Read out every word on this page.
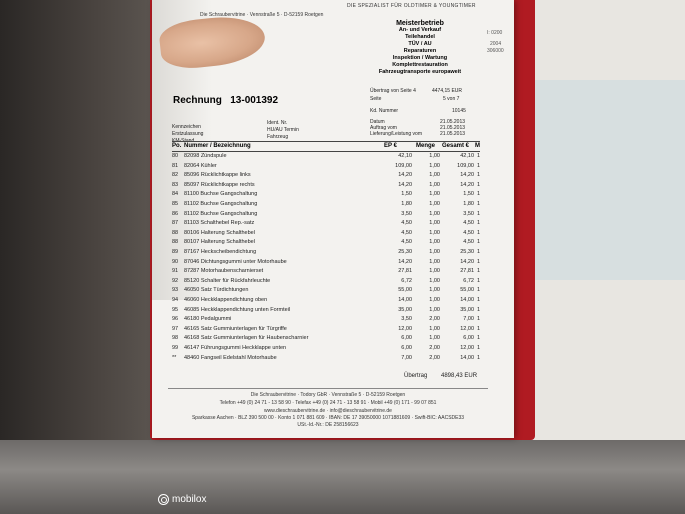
DIE SPEZIALIST FÜR OLDTIMER & YOUNGTIMER
Die Schraubervitrine · Vennstraße 5 · D-52159 Roetgen
Meisterbetrieb
An- und Verkauf
Teilehandel
TÜV / AU
Reparaturen
Inspektion / Wartung
Komplettrestauration
Fahrzeugtransporte europaweit
I: 0200
2004
306000
Rechnung 13-001392
Übertrag von Seite 4	4474,15 EUR
Seite	5 von 7
Kd. Nummer	10145
Datum	21.05.2013
Auftrag vom	21.05.2013
Lieferung/Leistung vom	21.05.2013
Kennzeichen
Erstzulassung
KM-Stand
Ident. Nr.
HU/AU Termin
Fahrzeug
Po. Nummer / Bezeichnung	EP €	Menge Gesamt € M
80 82098 Zündspule	42,10	1,00	42,10 1
81 82064 Kühler	109,00	1,00	109,00 1
82 85096 Rücklichtkappe links	14,20	1,00	14,20 1
83 85097 Rücklichtkappe rechts	14,20	1,00	14,20 1
84 81100 Buchse Gangschaltung	1,50	1,00	1,50 1
85 81102 Buchse Gangschaltung	1,80	1,00	1,80 1
86 81102 Buchse Gangschaltung	3,50	1,00	3,50 1
87 81103 Schalthebel Rep.-satz	4,50	1,00	4,50 1
88 80106 Halterung Schalthebel	4,50	1,00	4,50 1
88 80107 Halterung Schalthebel	4,50	1,00	4,50 1
89 87167 Heckscheibendichtung	25,30	1,00	25,30 1
90 87046 Dichtungsgummi unter Motorhaube	14,20	1,00	14,20 1
91 87287 Motorhaubenscharnierset	27,81	1,00	27,81 1
92 85120 Schalter für Rückfahrleuchte	6,72	1,00	6,72 1
93 46050 Satz Türdichtungen	55,00	1,00	55,00 1
94 46060 Heckklappendichtung oben	14,00	1,00	14,00 1
95 46085 Heckklappendichtung unten Formteil	35,00	1,00	35,00 1
96 46180 Pedalgummi	3,50	2,00	7,00 1
97 46165 Satz Gummiunterlagen für Türgriffe	12,00	1,00	12,00 1
98 46168 Satz Gummiunterlagen für Haubenscharnier	6,00	1,00	6,00 1
99 46147 Führungsgummi Heckklappe unten	6,00	2,00	12,00 1
** 48460 Fangseil Edelstahl Motorhaube	7,00	2,00	14,00 1
Übertrag 4898,43 EUR
Die Schraubervitrine · Todory GbR · Vennstraße 5 · D-52159 Roetgen
Telefon +49 (0) 24 71 - 13 58 90 · Telefax +49 (0) 24 71 - 13 58 91 · Mobil +49 (0) 171 - 99 07 851
www.dieschraubervitrine.de · info@dieschraubervitrine.de
Sparkasse Aachen · BLZ 390 500 00 · Konto 1 071 881 609 · IBAN: DE 17 39050000 1071881609 · Swift-BIC: AACSDE33
USt.-Id.-Nr.: DE 258156623
mobilox
